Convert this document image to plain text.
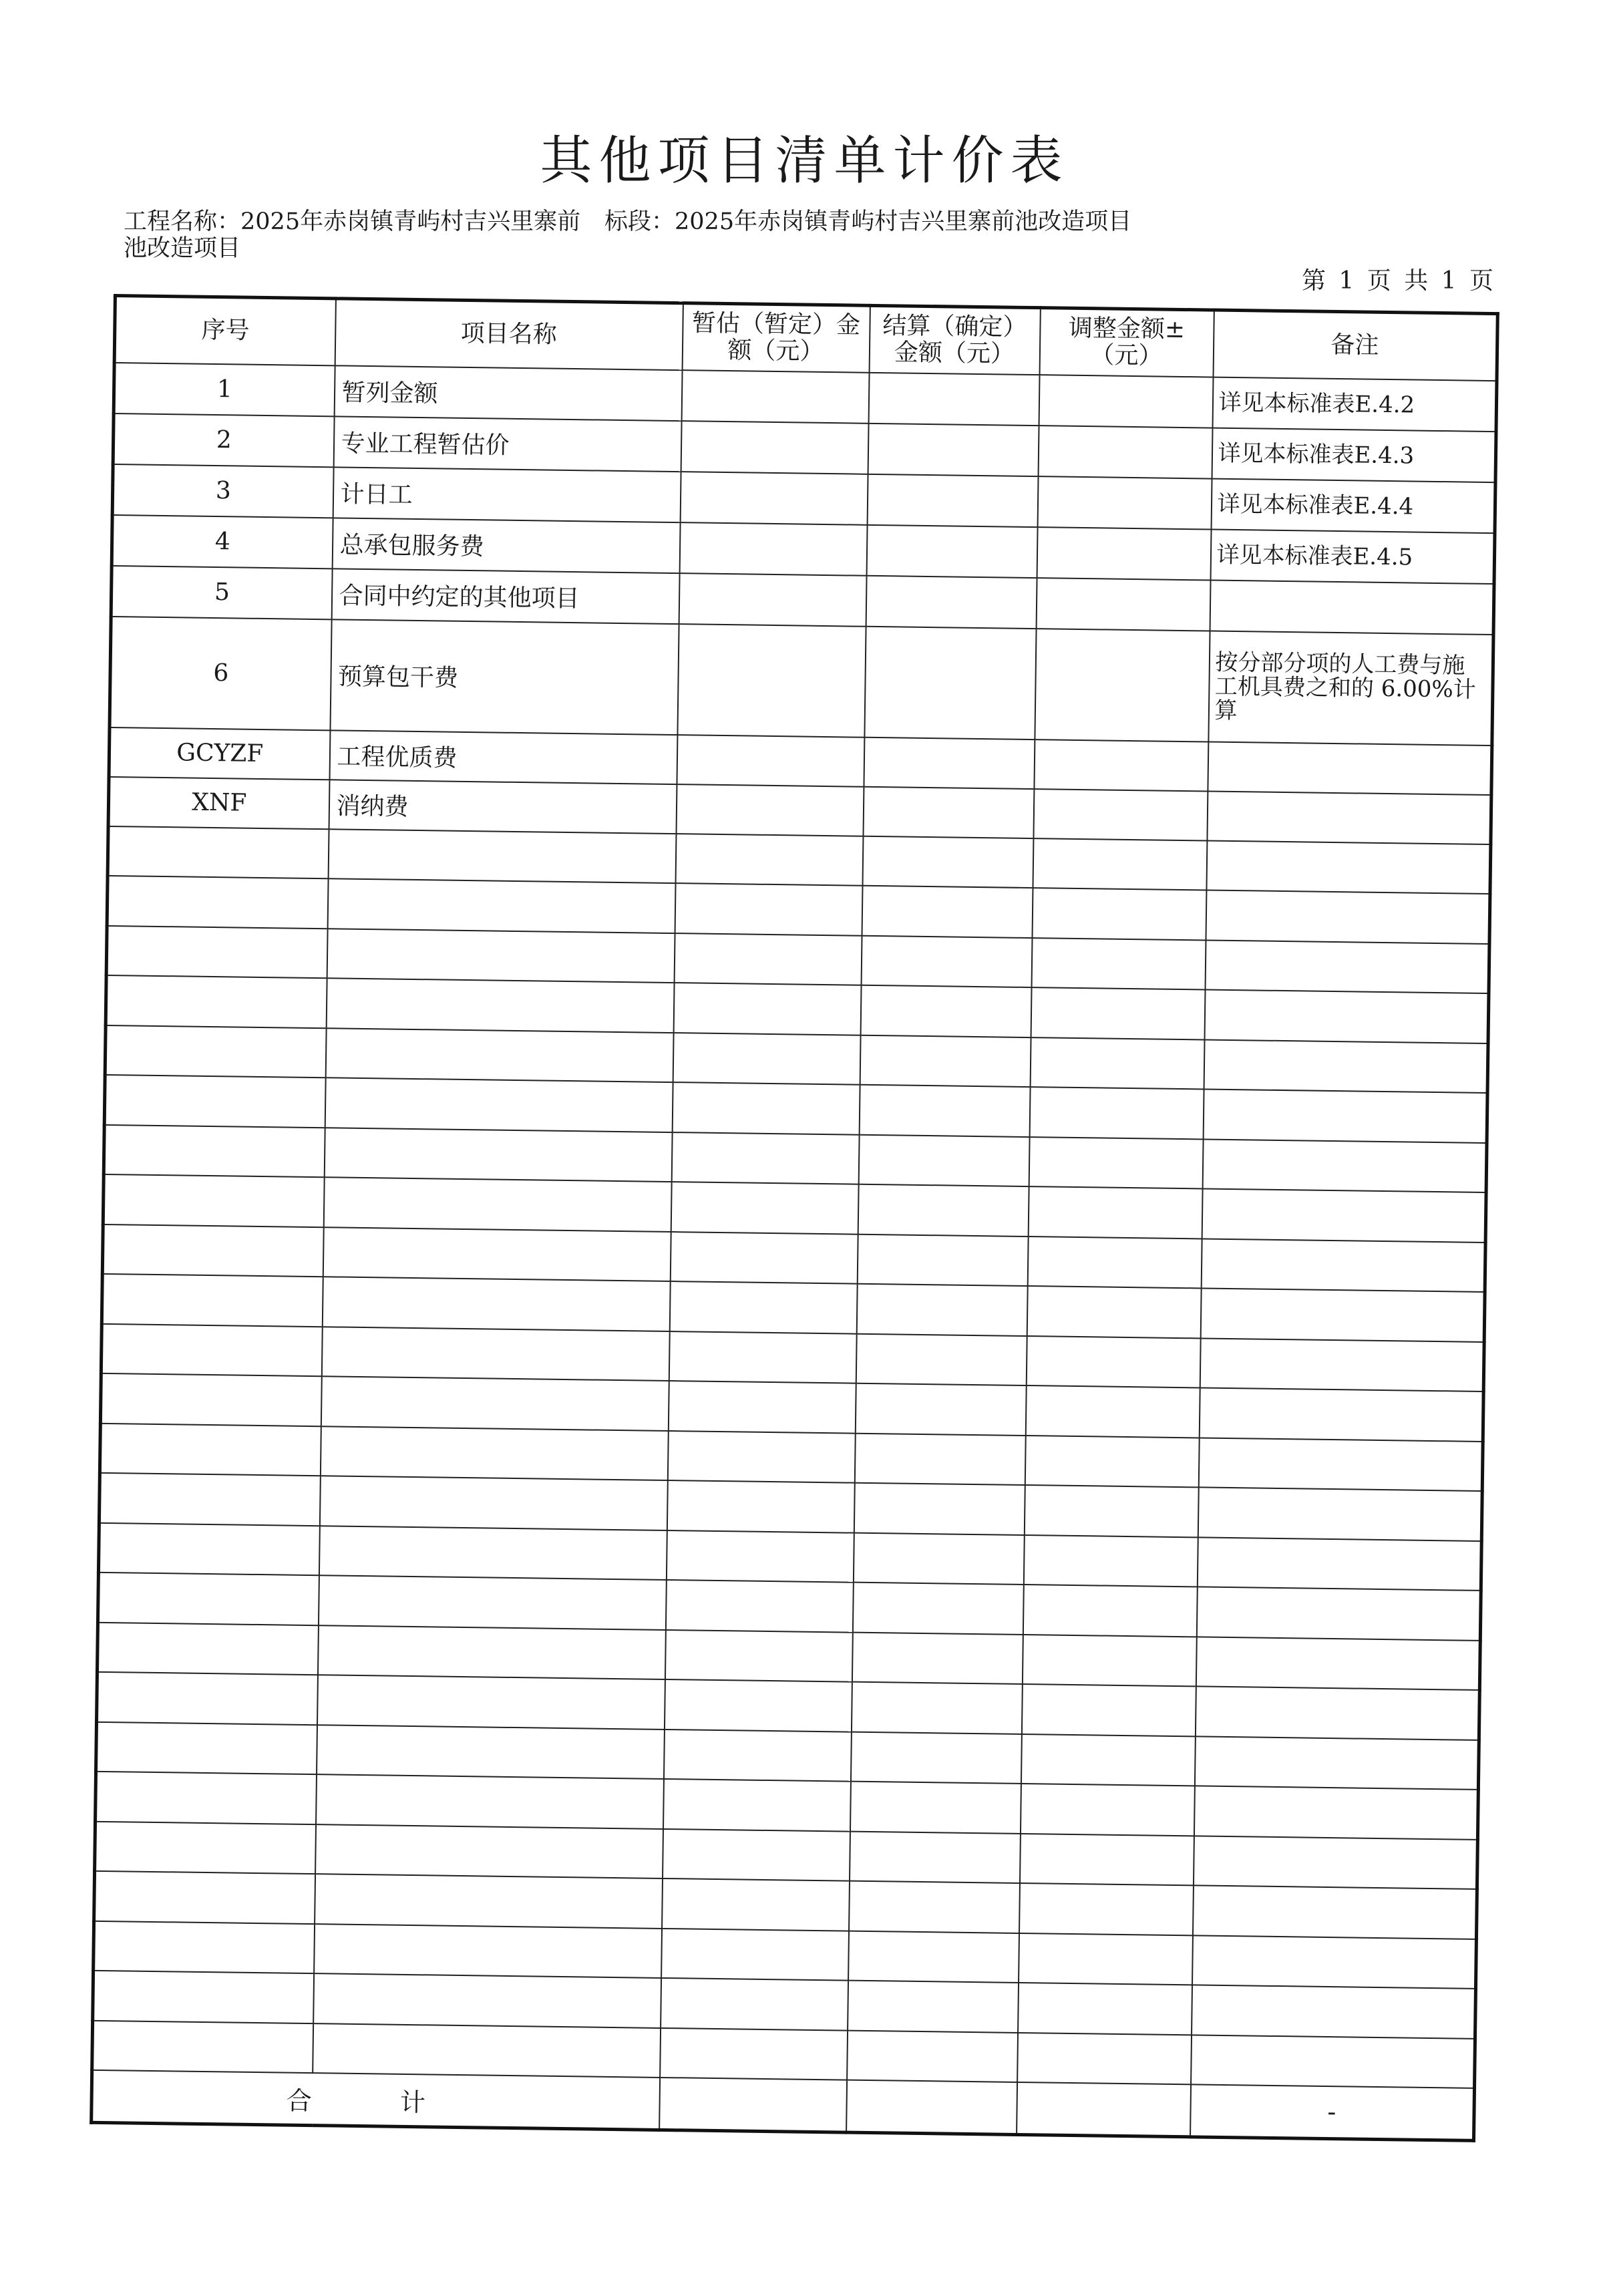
其他项目清单计价表
工程名称：2025年赤岗镇青屿村吉兴里寨前池改造项目
标段：2025年赤岗镇青屿村吉兴里寨前池改造项目
第 1 页 共 1 页
序号	项目名称	暂估（暂定）金额（元）	结算（确定）金额（元）	调整金额±（元）	备注
1	暂列金额				详见本标准表E.4.2
2	专业工程暂估价				详见本标准表E.4.3
3	计日工				详见本标准表E.4.4
4	总承包服务费				详见本标准表E.4.5
5	合同中约定的其他项目				
6	预算包干费				按分部分项的人工费与施工机具费之和的 6.00%计算
GCYZF	工程优质费				
XNF	消纳费				

合 计					-
